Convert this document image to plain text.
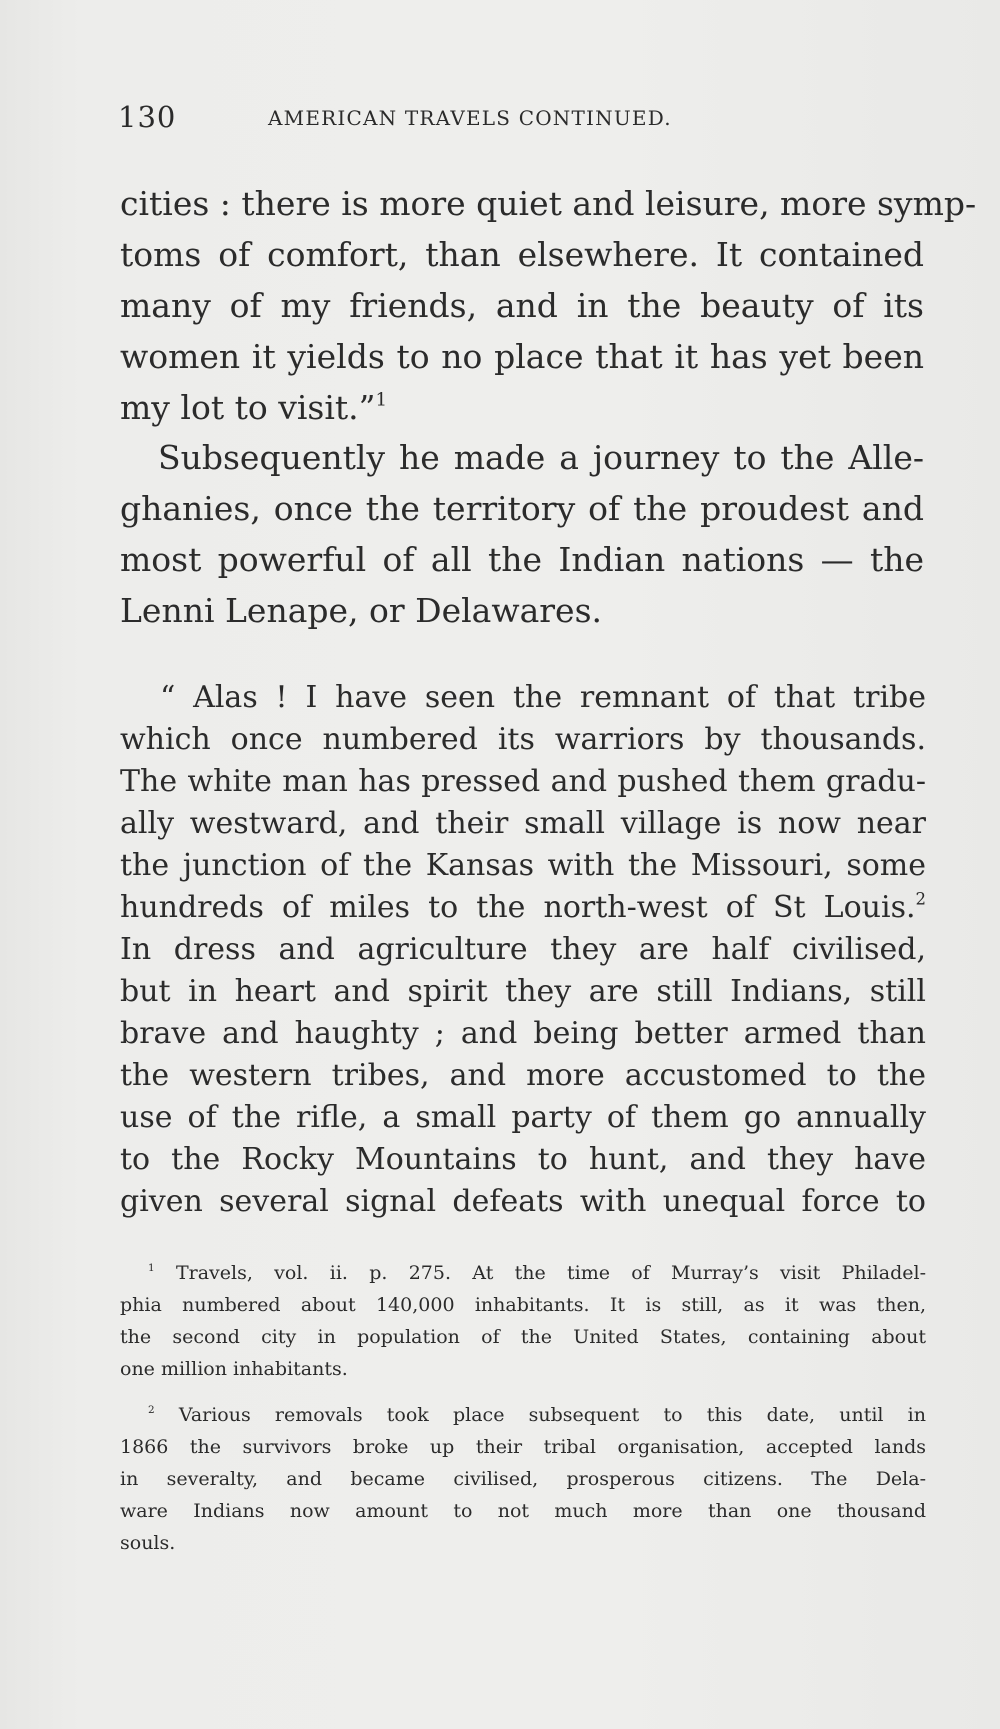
130	AMERICAN TRAVELS CONTINUED.
cities : there is more quiet and leisure, more symp-
toms of comfort, than elsewhere. It contained
many of my friends, and in the beauty of its
women it yields to no place that it has yet been
my lot to visit.”$^1$
Subsequently he made a journey to the Alle-
ghanies, once the territory of the proudest and
most powerful of all the Indian nations — the
Lenni Lenape, or Delawares.
“ Alas ! I have seen the remnant of that tribe
which once numbered its warriors by thousands.
The white man has pressed and pushed them gradu-
ally westward, and their small village is now near
the junction of the Kansas with the Missouri, some
hundreds of miles to the north-west of St Louis.$^2$
In dress and agriculture they are half civilised,
but in heart and spirit they are still Indians, still
brave and haughty ; and being better armed than
the western tribes, and more accustomed to the
use of the rifle, a small party of them go annually
to the Rocky Mountains to hunt, and they have
given several signal defeats with unequal force to
$^1$ Travels, vol. ii. p. 275. At the time of Murray’s visit Philadel-
phia numbered about 140,000 inhabitants. It is still, as it was then,
the second city in population of the United States, containing about
one million inhabitants.
$^2$ Various removals took place subsequent to this date, until in
1866 the survivors broke up their tribal organisation, accepted lands
in severalty, and became civilised, prosperous citizens. The Dela-
ware Indians now amount to not much more than one thousand
souls.
